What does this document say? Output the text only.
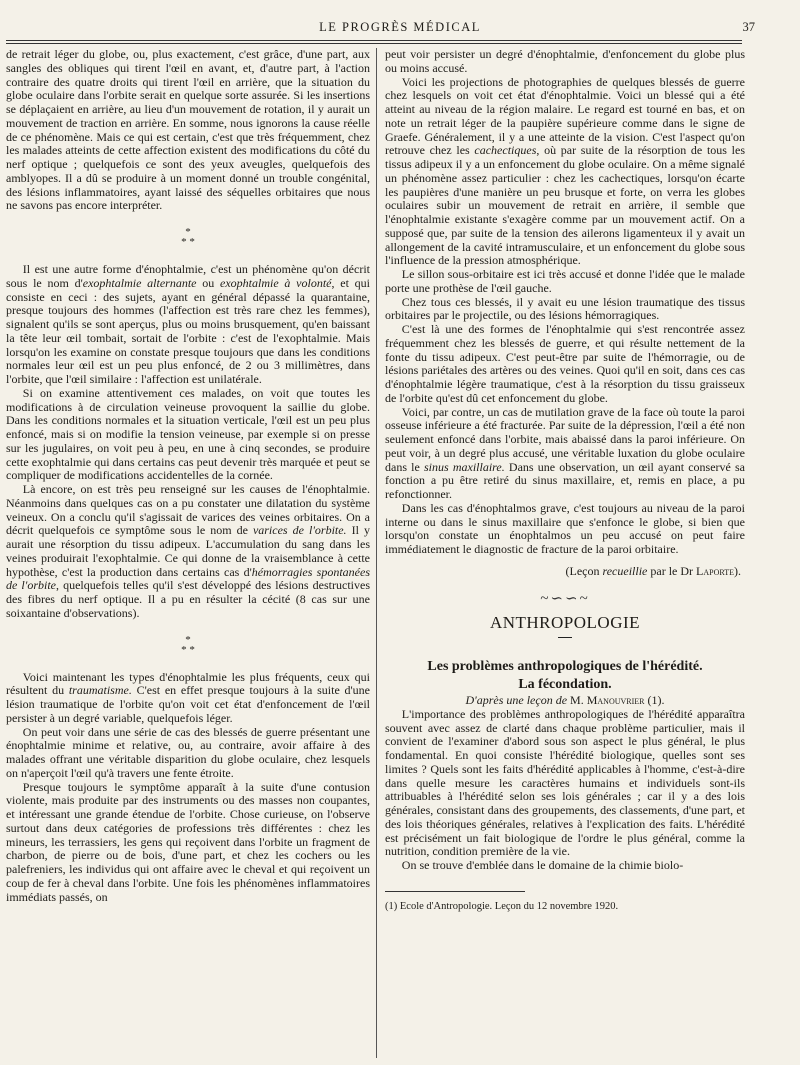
LE PROGRÈS MÉDICAL	37

de retrait léger du globe, ou, plus exactement, c'est grâce, d'une part, aux sangles des obliques qui tirent l'œil en avant, et, d'autre part, à l'action contraire des quatre droits qui tirent l'œil en arrière, que la situation du globe oculaire dans l'orbite serait en quelque sorte assurée. Si les insertions se déplaçaient en arrière, au lieu d'un mouvement de rotation, il y aurait un mouvement de traction en arrière. En somme, nous ignorons la cause réelle de ce phénomène. Mais ce qui est certain, c'est que très fréquemment, chez les malades atteints de cette affection existent des modifications du côté du nerf optique ; quelquefois ce sont des yeux aveugles, quelquefois des amblyopes. Il a dû se produire à un moment donné un trouble congénital, des lésions inflammatoires, ayant laissé des séquelles orbitaires que nous ne savons pas encore interpréter.

*
* *

Il est une autre forme d'énophtalmie, c'est un phénomène qu'on décrit sous le nom d'exophtalmie alternante ou exophtalmie à volonté, et qui consiste en ceci : des sujets, ayant en général dépassé la quarantaine, presque toujours des hommes (l'affection est très rare chez les femmes), signalent qu'ils se sont aperçus, plus ou moins brusquement, qu'en baissant la tête leur œil tombait, sortait de l'orbite : c'est de l'exophtalmie. Mais lorsqu'on les examine on constate presque toujours que dans les conditions normales leur œil est un peu plus enfoncé, de 2 ou 3 millimètres, dans l'orbite, que l'œil similaire : l'affection est unilatérale.

Si on examine attentivement ces malades, on voit que toutes les modifications à de circulation veineuse provoquent la saillie du globe. Dans les conditions normales et la situation verticale, l'œil est un peu plus enfoncé, mais si on modifie la tension veineuse, par exemple si on presse sur les jugulaires, on voit peu à peu, en une à cinq secondes, se produire cette exophtalmie qui dans certains cas peut devenir très marquée et peut se compliquer de modifications accidentelles de la cornée.

Là encore, on est très peu renseigné sur les causes de l'énophtalmie. Néanmoins dans quelques cas on a pu constater une dilatation du système veineux. On a conclu qu'il s'agissait de varices des veines orbitaires. On a décrit quelquefois ce symptôme sous le nom de varices de l'orbite. Il y aurait une résorption du tissu adipeux. L'accumulation du sang dans les veines produirait l'exophtalmie. Ce qui donne de la vraisemblance à cette hypothèse, c'est la production dans certains cas d'hémorragies spontanées de l'orbite, quelquefois telles qu'il s'est développé des lésions destructives des fibres du nerf optique. Il a pu en résulter la cécité (8 cas sur une soixantaine d'observations).

*
* *

Voici maintenant les types d'énophtalmie les plus fréquents, ceux qui résultent du traumatisme. C'est en effet presque toujours à la suite d'une lésion traumatique de l'orbite qu'on voit cet état d'enfoncement de l'œil persister à un degré variable, quelquefois léger.

On peut voir dans une série de cas des blessés de guerre présentant une énophtalmie minime et relative, ou, au contraire, avoir affaire à des malades offrant une véritable disparition du globe oculaire, chez lesquels on n'aperçoit l'œil qu'à travers une fente étroite.

Presque toujours le symptôme apparaît à la suite d'une contusion violente, mais produite par des instruments ou des masses non coupantes, et intéressant une grande étendue de l'orbite. Chose curieuse, on l'observe surtout dans deux catégories de professions très différentes : chez les mineurs, les terrassiers, les gens qui reçoivent dans l'orbite un fragment de charbon, de pierre ou de bois, d'une part, et chez les cochers ou les palefreniers, les individus qui ont affaire avec le cheval et qui reçoivent un coup de fer à cheval dans l'orbite. Une fois les phénomènes inflammatoires immédiats passés, on

peut voir persister un degré d'énophtalmie, d'enfoncement du globe plus ou moins accusé.

Voici les projections de photographies de quelques blessés de guerre chez lesquels on voit cet état d'énophtalmie. Voici un blessé qui a été atteint au niveau de la région malaire. Le regard est tourné en bas, et on note un retrait léger de la paupière supérieure comme dans le signe de Graefe. Généralement, il y a une atteinte de la vision. C'est l'aspect qu'on retrouve chez les cachectiques, où par suite de la résorption de tous les tissus adipeux il y a un enfoncement du globe oculaire. On a même signalé un phénomène assez particulier : chez les cachectiques, lorsqu'on écarte les paupières d'une manière un peu brusque et forte, on verra les globes oculaires subir un mouvement de retrait en arrière, il semble que l'énophtalmie existante s'exagère comme par un mouvement actif. On a supposé que, par suite de la tension des ailerons ligamenteux il y avait un allongement de la cavité intramusculaire, et un enfoncement du globe sous l'influence de la pression atmosphérique.

Le sillon sous-orbitaire est ici très accusé et donne l'idée que le malade porte une prothèse de l'œil gauche.

Chez tous ces blessés, il y avait eu une lésion traumatique des tissus orbitaires par le projectile, ou des lésions hémorragiques.

C'est là une des formes de l'énophtalmie qui s'est rencontrée assez fréquemment chez les blessés de guerre, et qui résulte nettement de la fonte du tissu adipeux. C'est peut-être par suite de l'hémorragie, ou de lésions pariétales des artères ou des veines. Quoi qu'il en soit, dans ces cas d'énophtalmie légère traumatique, c'est à la résorption du tissu graisseux de l'orbite qu'est dû cet enfoncement du globe.

Voici, par contre, un cas de mutilation grave de la face où toute la paroi osseuse inférieure a été fracturée. Par suite de la dépression, l'œil a été non seulement enfoncé dans l'orbite, mais abaissé dans la paroi inférieure. On peut voir, à un degré plus accusé, une véritable luxation du globe oculaire dans le sinus maxillaire. Dans une observation, un œil ayant conservé sa fonction a pu être retiré du sinus maxillaire, et, remis en place, a pu refonctionner.

Dans les cas d'énophtalmos grave, c'est toujours au niveau de la paroi interne ou dans le sinus maxillaire que s'enfonce le globe, si bien que lorsqu'on constate un énophtalmos un peu accusé on peut faire immédiatement le diagnostic de fracture de la paroi orbitaire.

(Leçon recueillie par le Dr Laporte).
~∽∽~
ANTHROPOLOGIE

Les problèmes anthropologiques de l'hérédité.

La fécondation.

D'après une leçon de M. Manouvrier (1).

L'importance des problèmes anthropologiques de l'hérédité apparaîtra souvent avec assez de clarté dans chaque problème particulier, mais il convient de l'examiner d'abord sous son aspect le plus général, le plus fondamental. En quoi consiste l'hérédité biologique, quelles sont ses limites ? Quels sont les faits d'hérédité applicables à l'homme, c'est-à-dire dans quelle mesure les caractères humains et individuels sont-ils attribuables à l'hérédité selon ses lois générales ; car il y a des lois générales, consistant dans des groupements, des classements, d'une part, et des lois théoriques générales, relatives à l'explication des faits. L'hérédité est précisément un fait biologique de l'ordre le plus général, comme la nutrition, condition première de la vie.

On se trouve d'emblée dans le domaine de la chimie biolo-

(1) Ecole d'Antropologie. Leçon du 12 novembre 1920.
